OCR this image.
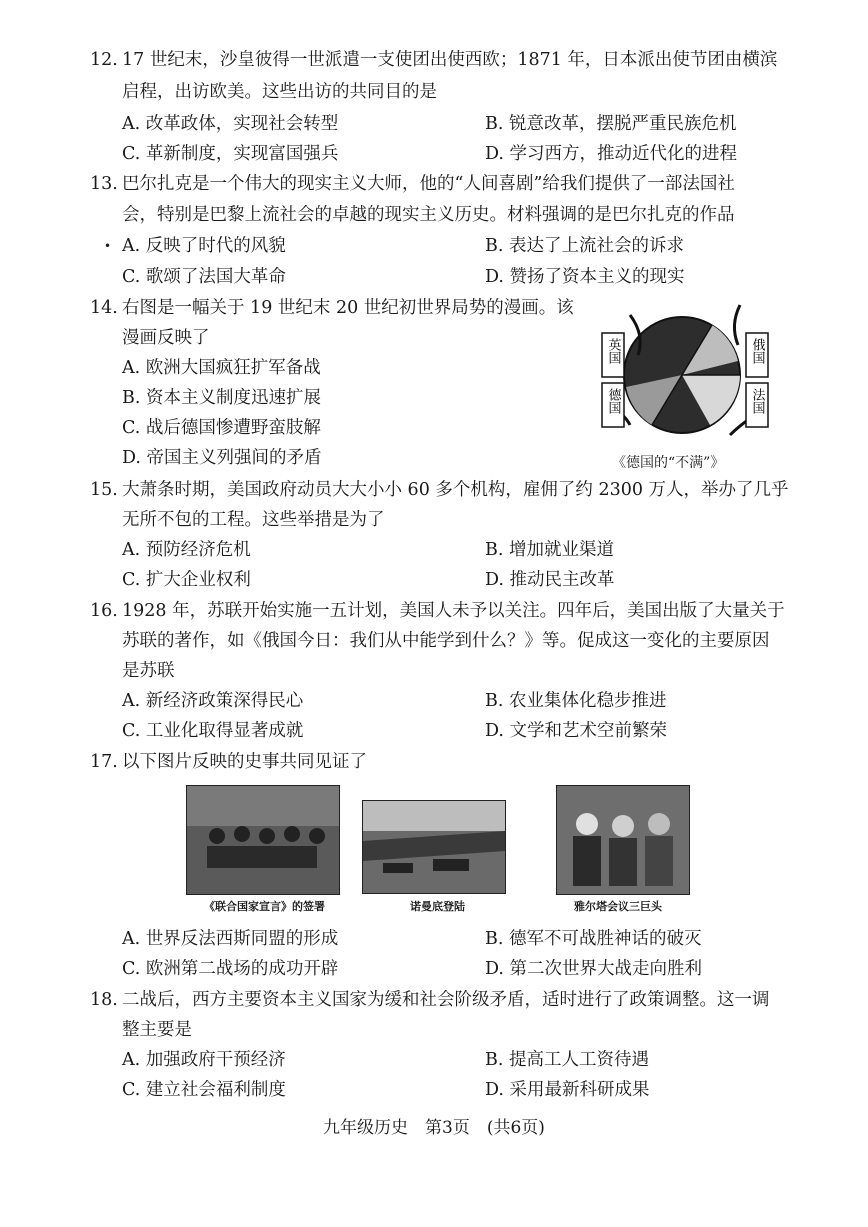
12. 17 世纪末，沙皇彼得一世派遣一支使团出使西欧；1871 年，日本派出使节团由横滨
启程，出访欧美。这些出访的共同目的是
A. 改革政体，实现社会转型	B. 锐意改革，摆脱严重民族危机
C. 革新制度，实现富国强兵	D. 学习西方，推动近代化的进程
13. 巴尔扎克是一个伟大的现实主义大师，他的“人间喜剧”给我们提供了一部法国社
会，特别是巴黎上流社会的卓越的现实主义历史。材料强调的是巴尔扎克的作品
• A. 反映了时代的风貌	B. 表达了上流社会的诉求
C. 歌颂了法国大革命	D. 赞扬了资本主义的现实
14. 右图是一幅关于 19 世纪末 20 世纪初世界局势的漫画。该
漫画反映了
A. 欧洲大国疯狂扩军备战
B. 资本主义制度迅速扩展
C. 战后德国惨遭野蛮肢解
D. 帝国主义列强间的矛盾
英国
德国
俄国
法国
《德国的“不满”》
15. 大萧条时期，美国政府动员大大小小 60 多个机构，雇佣了约 2300 万人，举办了几乎
无所不包的工程。这些举措是为了
A. 预防经济危机	B. 增加就业渠道
C. 扩大企业权利	D. 推动民主改革
16. 1928 年，苏联开始实施一五计划，美国人未予以关注。四年后，美国出版了大量关于
苏联的著作，如《俄国今日：我们从中能学到什么？》等。促成这一变化的主要原因
是苏联
A. 新经济政策深得民心	B. 农业集体化稳步推进
C. 工业化取得显著成就	D. 文学和艺术空前繁荣
17. 以下图片反映的史事共同见证了
《联合国家宣言》的签署	诺曼底登陆	雅尔塔会议三巨头
A. 世界反法西斯同盟的形成	B. 德军不可战胜神话的破灭
C. 欧洲第二战场的成功开辟	D. 第二次世界大战走向胜利
18. 二战后，西方主要资本主义国家为缓和社会阶级矛盾，适时进行了政策调整。这一调
整主要是
A. 加强政府干预经济	B. 提高工人工资待遇
C. 建立社会福利制度	D. 采用最新科研成果
九年级历史　第3页　(共6页)
